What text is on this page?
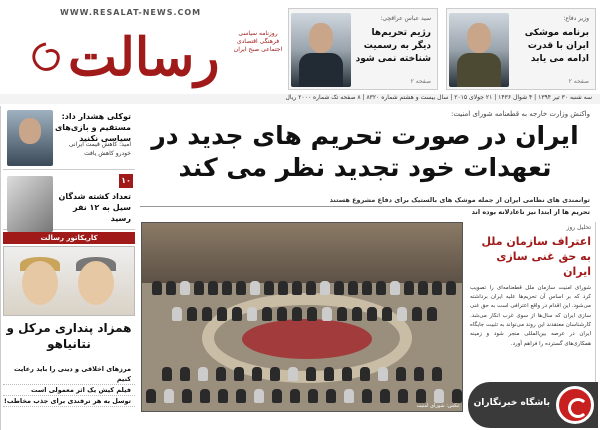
WWW.RESALAT-NEWS.COM
رسالت	روزنامه سیاسی فرهنگی اقتصادی اجتماعی صبح ایران
سید عباس عراقچی:
رژیم تحریم‌ها دیگر به رسمیت شناخته نمی شود
صفحه ۲
وزیر دفاع:
برنامه موشکی ایران با قدرت ادامه می یابد
صفحه ۲
سه شنبه ۳۰ تیر ۱۳۹۴ | ۴ شوال ۱۴۳۶ | ۲۱ جولای ۲۰۱۵ | سال بیست و هشتم شماره ۸۳۲۰ | ۸ صفحه تک شماره ۲۰۰۰ ریال
توکلی هشدار داد: مستقیم و بازی‌های سیاسی نکنید
امید: کاهش قیمت ایرانی خودرو کاهش یافت
۱۰
تعداد کشته شدگان سیل به ۱۲ نفر رسید
کاریکاتور رسالت
همزاد پنداری مرکل و نتانیاهو
مرزهای اخلاقی و دینی را باید رعایت کنیم
فیلم کیش یک اثر معمولی است
توسل به هر ترفندی برای جذب مخاطب!
واکنش وزارت خارجه به قطعنامه شورای امنیت:
ایران در صورت تحریم های جدید در تعهدات خود تجدید نظر می کند
توانمندی های نظامی ایران از جمله موشک های بالستیک برای دفاع مشروع هستند
تحریم ها از ابتدا نیز ناعادلانه بوده اند
عکس: شورای امنیت
تحلیل روز
اعتراف سازمان ملل به حق غنی سازی ایران
شورای امنیت سازمان ملل قطعنامه‌ای را تصویب کرد که بر اساس آن تحریم‌ها علیه ایران برداشته می‌شود. این اقدام در واقع اعترافی است به حق غنی سازی ایران که سال‌ها از سوی غرب انکار می‌شد. کارشناسان معتقدند این روند می‌تواند به تثبیت جایگاه ایران در عرصه بین‌المللی منجر شود و زمینه همکاری‌های گسترده را فراهم آورد.
باشگاه خبرنگاران
